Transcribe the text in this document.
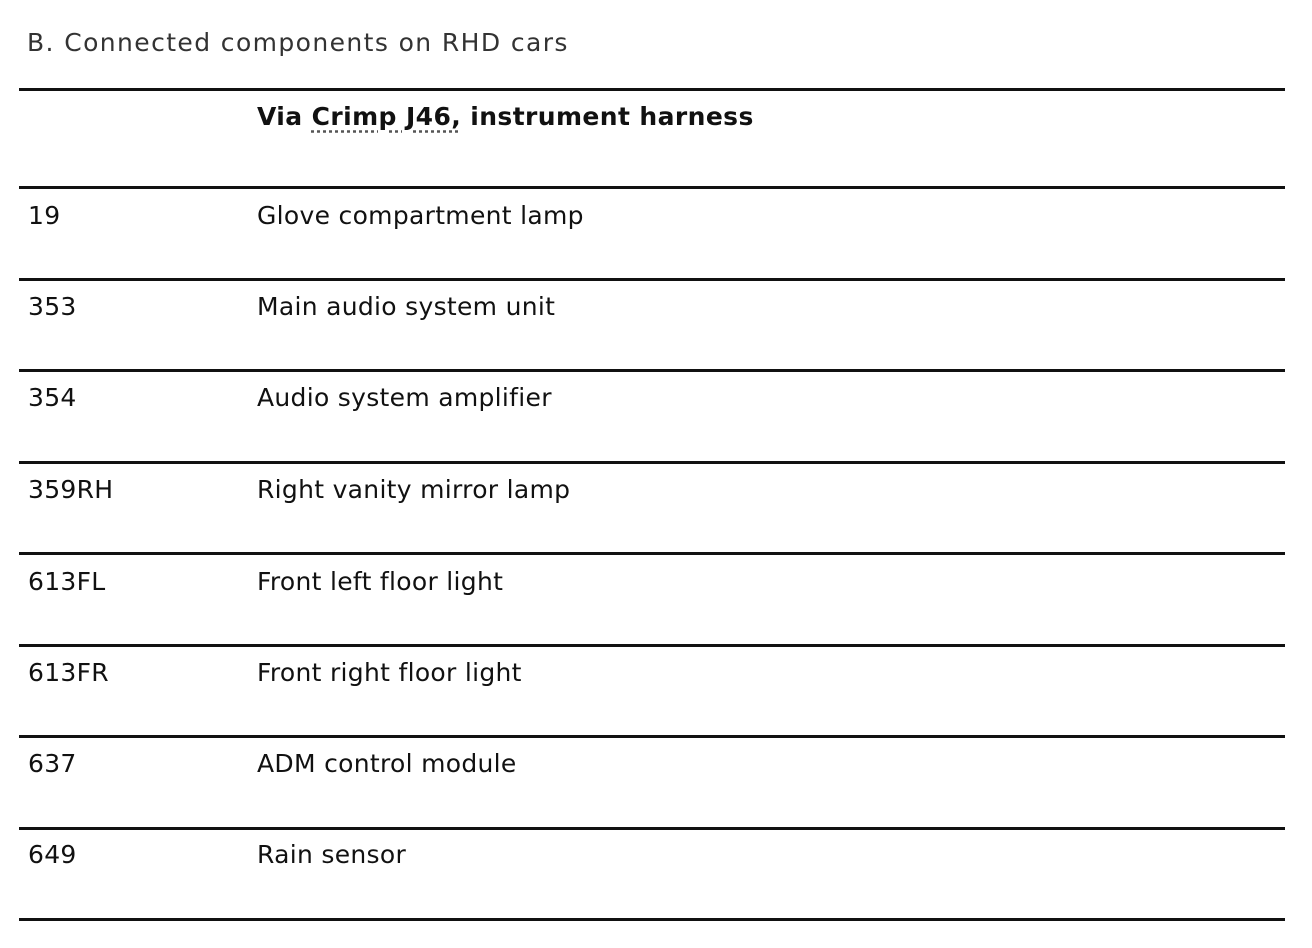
B. Connected components on RHD cars
Via Crimp J46, instrument harness
19	Glove compartment lamp
353	Main audio system unit
354	Audio system amplifier
359RH	Right vanity mirror lamp
613FL	Front left floor light
613FR	Front right floor light
637	ADM control module
649	Rain sensor
